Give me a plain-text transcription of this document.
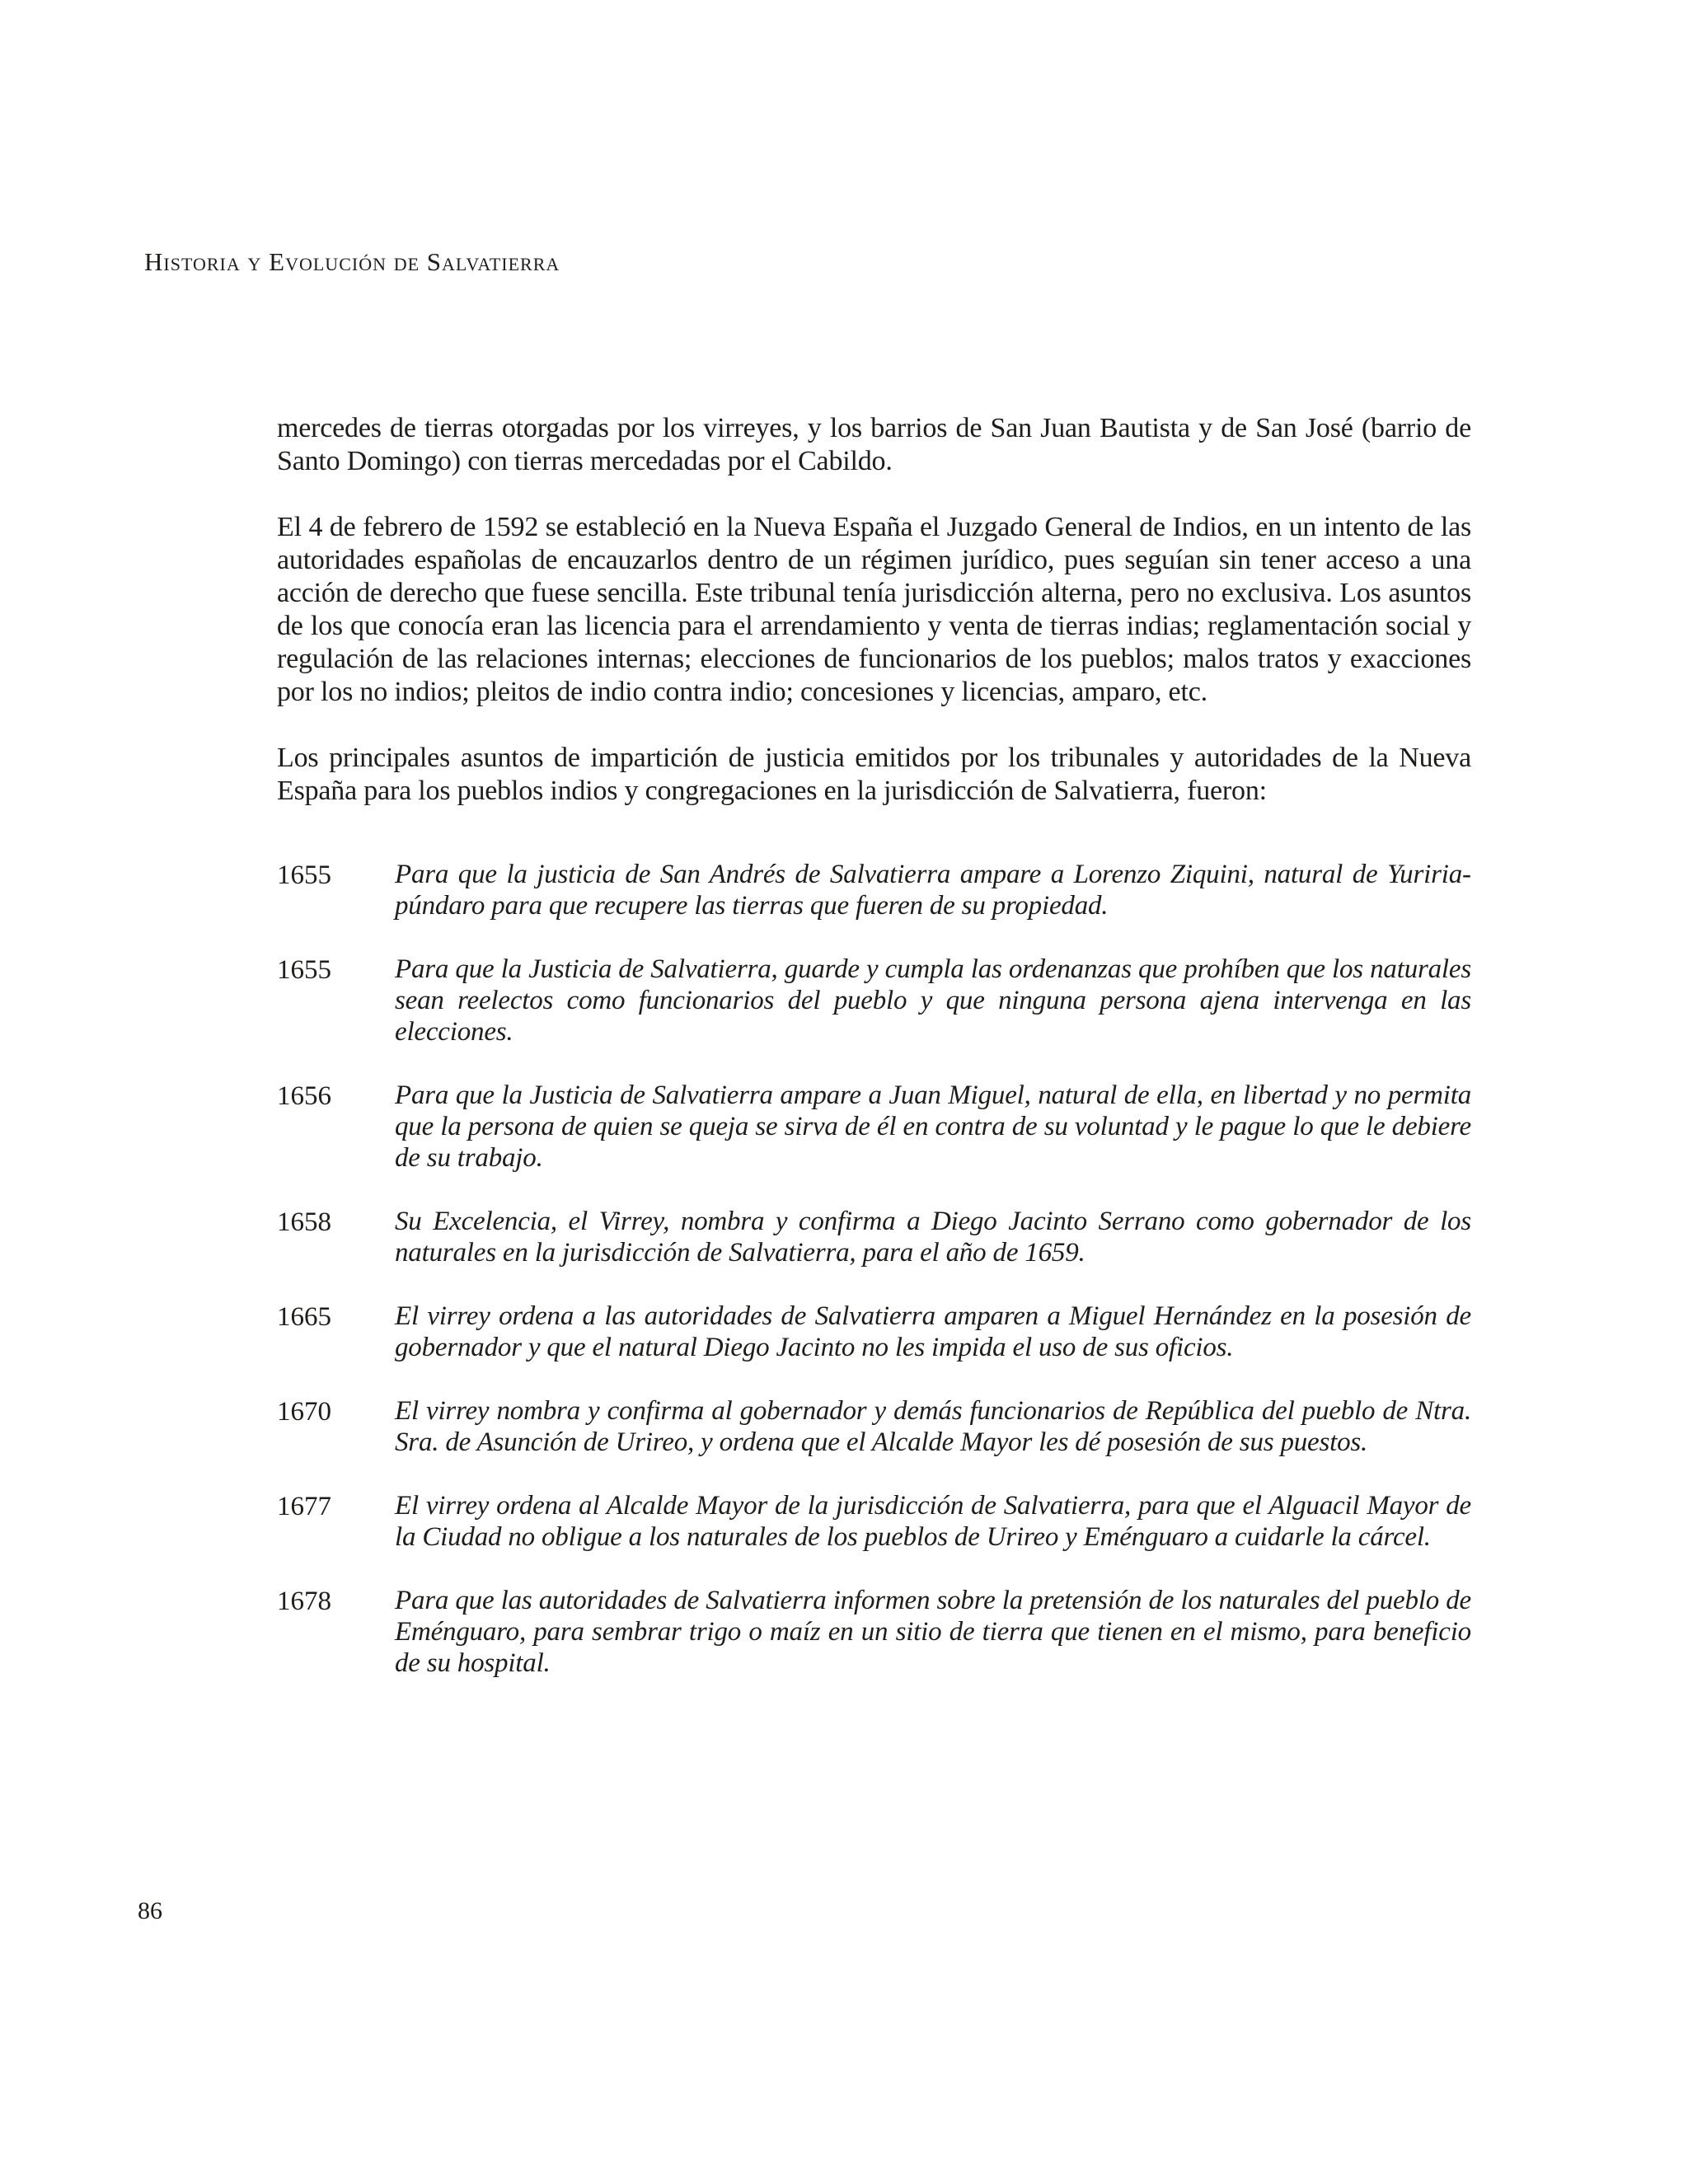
Historia y Evolución de Salvatierra

mercedes de tierras otorgadas por los virreyes, y los barrios de San Juan Bautista y de San José (barrio de Santo Domingo) con tierras mercedadas por el Cabildo.

El 4 de febrero de 1592 se estableció en la Nueva España el Juzgado General de Indios, en un intento de las autoridades españolas de encauzarlos dentro de un régimen jurídico, pues seguían sin tener acceso a una acción de derecho que fuese sencilla. Este tribunal tenía jurisdicción alterna, pero no exclusiva. Los asuntos de los que conocía eran las licencia para el arrendamiento y venta de tierras indias; reglamentación social y regulación de las relaciones internas; elecciones de funcionarios de los pueblos; malos tratos y exacciones por los no indios; pleitos de indio contra indio; concesiones y licencias, amparo, etc.

Los principales asuntos de impartición de justicia emitidos por los tribunales y autoridades de la Nueva España para los pueblos indios y congregaciones en la jurisdicción de Salvatierra, fueron:

1655	Para que la justicia de San Andrés de Salvatierra ampare a Lorenzo Ziquini, natural de Yuririapúndaro para que recupere las tierras que fueren de su propiedad.
1655	Para que la Justicia de Salvatierra, guarde y cumpla las ordenanzas que prohíben que los naturales sean reelectos como funcionarios del pueblo y que ninguna persona ajena intervenga en las elecciones.
1656	Para que la Justicia de Salvatierra ampare a Juan Miguel, natural de ella, en libertad y no permita que la persona de quien se queja se sirva de él en contra de su voluntad y le pague lo que le debiere de su trabajo.
1658	Su Excelencia, el Virrey, nombra y confirma a Diego Jacinto Serrano como gobernador de los naturales en la jurisdicción de Salvatierra, para el año de 1659.
1665	El virrey ordena a las autoridades de Salvatierra amparen a Miguel Hernández en la posesión de gobernador y que el natural Diego Jacinto no les impida el uso de sus oficios.
1670	El virrey nombra y confirma al gobernador y demás funcionarios de República del pueblo de Ntra. Sra. de Asunción de Urireo, y ordena que el Alcalde Mayor les dé posesión de sus puestos.
1677	El virrey ordena al Alcalde Mayor de la jurisdicción de Salvatierra, para que el Alguacil Mayor de la Ciudad no obligue a los naturales de los pueblos de Urireo y Eménguaro a cuidarle la cárcel.
1678	Para que las autoridades de Salvatierra informen sobre la pretensión de los naturales del pueblo de Eménguaro, para sembrar trigo o maíz en un sitio de tierra que tienen en el mismo, para beneficio de su hospital.
86
